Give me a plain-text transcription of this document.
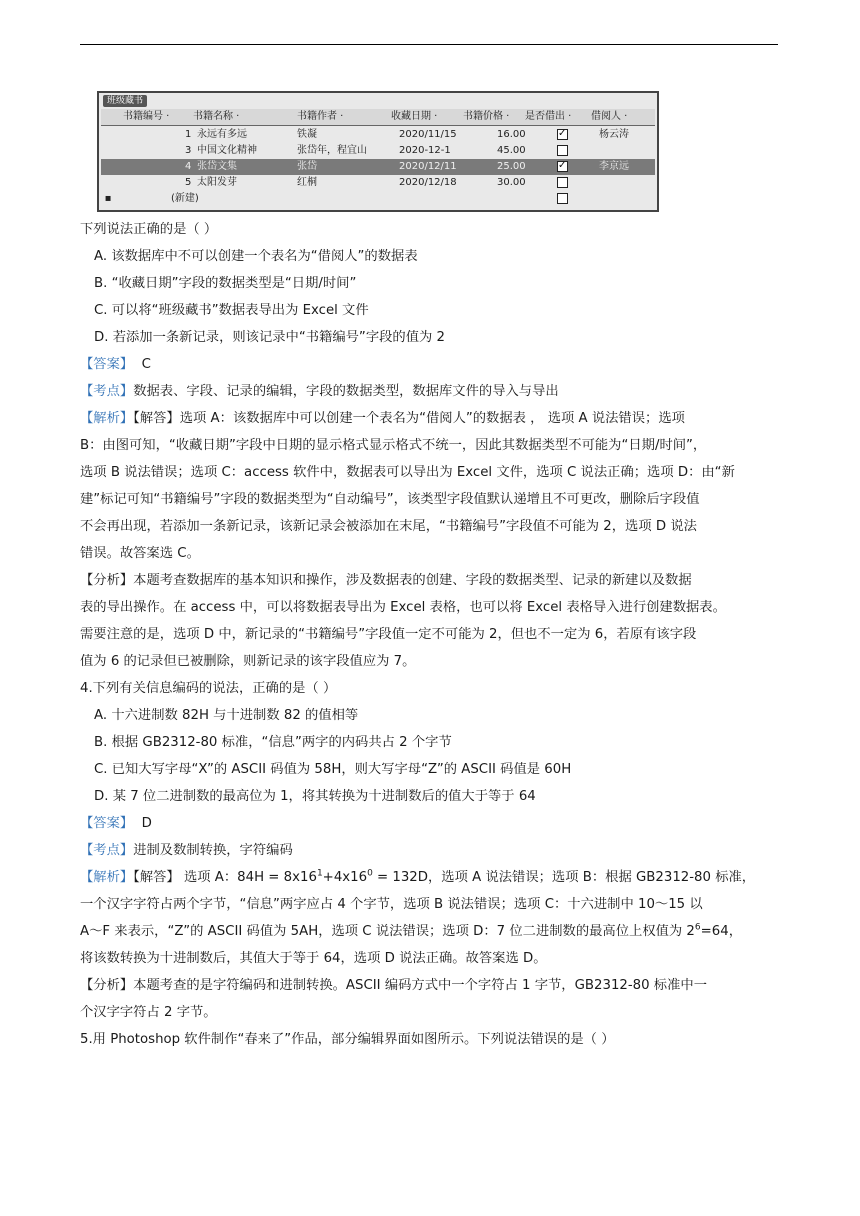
班级藏书
书籍编号 · 书籍名称 ·	书籍作者 ·	收藏日期 ·	书籍价格 · 是否借出 · 借阅人 ·
1 永远有多远	铁凝	2020/11/15	16.00 ✓	杨云涛
3 中国文化精神	张岱年，程宜山	2020-12-1	45.00
4 张岱文集	张岱	2020/12/11	25.00 ✓	李京远
5 太阳发芽	红桐	2020/12/18	30.00
▪	(新建)
下列说法正确的是（ ）
A. 该数据库中不可以创建一个表名为“借阅人”的数据表
B. “收藏日期”字段的数据类型是“日期/时间”
C. 可以将“班级藏书”数据表导出为 Excel 文件
D. 若添加一条新记录，则该记录中“书籍编号”字段的值为 2
【答案】 C
【考点】数据表、字段、记录的编辑，字段的数据类型，数据库文件的导入与导出
【解析】【解答】选项 A：该数据库中可以创建一个表名为“借阅人”的数据表 ， 选项 A 说法错误；选项
B：由图可知，“收藏日期”字段中日期的显示格式显示格式不统一，因此其数据类型不可能为“日期/时间”，
选项 B 说法错误；选项 C：access 软件中，数据表可以导出为 Excel 文件，选项 C 说法正确；选项 D：由“新
建”标记可知“书籍编号”字段的数据类型为“自动编号”，该类型字段值默认递增且不可更改，删除后字段值
不会再出现，若添加一条新记录，该新记录会被添加在末尾，“书籍编号”字段值不可能为 2，选项 D 说法
错误。故答案选 C。
【分析】本题考查数据库的基本知识和操作，涉及数据表的创建、字段的数据类型、记录的新建以及数据
表的导出操作。在 access 中，可以将数据表导出为 Excel 表格，也可以将 Excel 表格导入进行创建数据表。
需要注意的是，选项 D 中，新记录的“书籍编号”字段值一定不可能为 2，但也不一定为 6，若原有该字段
值为 6 的记录但已被删除，则新记录的该字段值应为 7。
4.下列有关信息编码的说法，正确的是（ ）
A. 十六进制数 82H 与十进制数 82 的值相等
B. 根据 GB2312-80 标准，“信息”两字的内码共占 2 个字节
C. 已知大写字母“X”的 ASCII 码值为 58H，则大写字母“Z”的 ASCII 码值是 60H
D. 某 7 位二进制数的最高位为 1，将其转换为十进制数后的值大于等于 64
【答案】 D
【考点】进制及数制转换，字符编码
【解析】【解答】 选项 A：$84H = 8x16^1+4x16^0 = 132D$，选项 A 说法错误；选项 B：根据 GB2312-80 标准，
一个汉字字符占两个字节，“信息”两字应占 4 个字节，选项 B 说法错误；选项 C：十六进制中 10～15 以
A～F 来表示，“Z”的 ASCII 码值为 5AH，选项 C 说法错误；选项 D：7 位二进制数的最高位上权值为 $2^6=64$，
将该数转换为十进制数后，其值大于等于 64，选项 D 说法正确。故答案选 D。
【分析】本题考查的是字符编码和进制转换。ASCII 编码方式中一个字符占 1 字节，GB2312-80 标准中一
个汉字字符占 2 字节。
5.用 Photoshop 软件制作“春来了”作品，部分编辑界面如图所示。下列说法错误的是（ ）
